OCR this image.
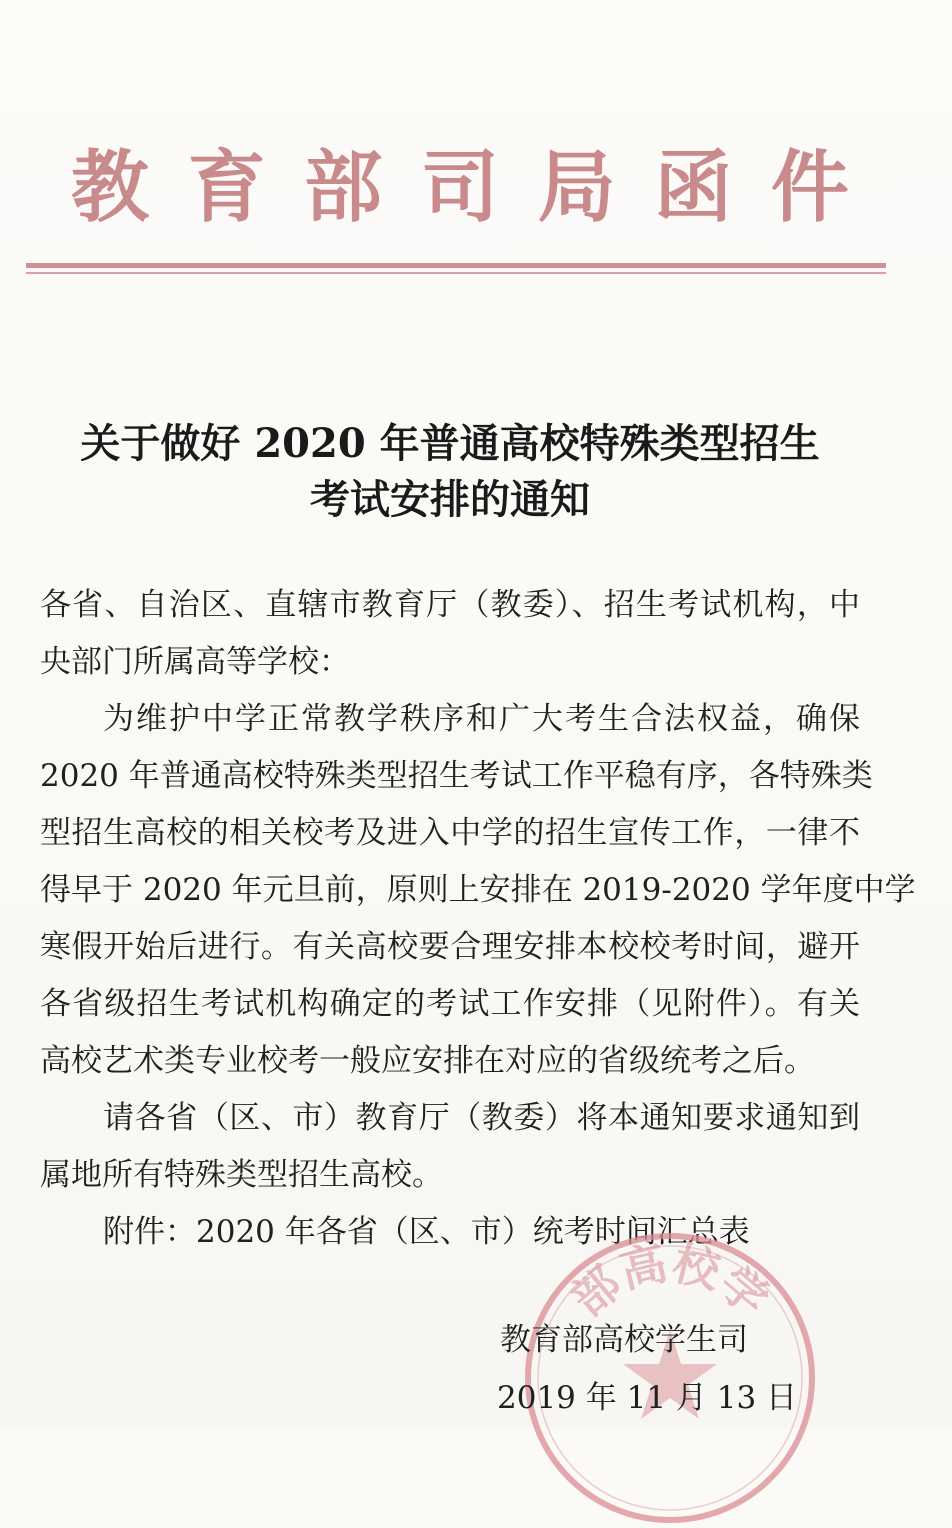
教 育 部 司 局 函 件
关于做好 2020 年普通高校特殊类型招生
考试安排的通知
各省、自治区、直辖市教育厅（教委）、招生考试机构，中
央部门所属高等学校：
为维护中学正常教学秩序和广大考生合法权益，确保
2020 年普通高校特殊类型招生考试工作平稳有序，各特殊类
型招生高校的相关校考及进入中学的招生宣传工作，一律不
得早于 2020 年元旦前，原则上安排在 2019-2020 学年度中学
寒假开始后进行。有关高校要合理安排本校校考时间，避开
各省级招生考试机构确定的考试工作安排（见附件）。有关
高校艺术类专业校考一般应安排在对应的省级统考之后。
请各省（区、市）教育厅（教委）将本通知要求通知到
属地所有特殊类型招生高校。
附件：2020 年各省（区、市）统考时间汇总表
部高校学
教育部高校学生司
2019 年 11 月 13 日
